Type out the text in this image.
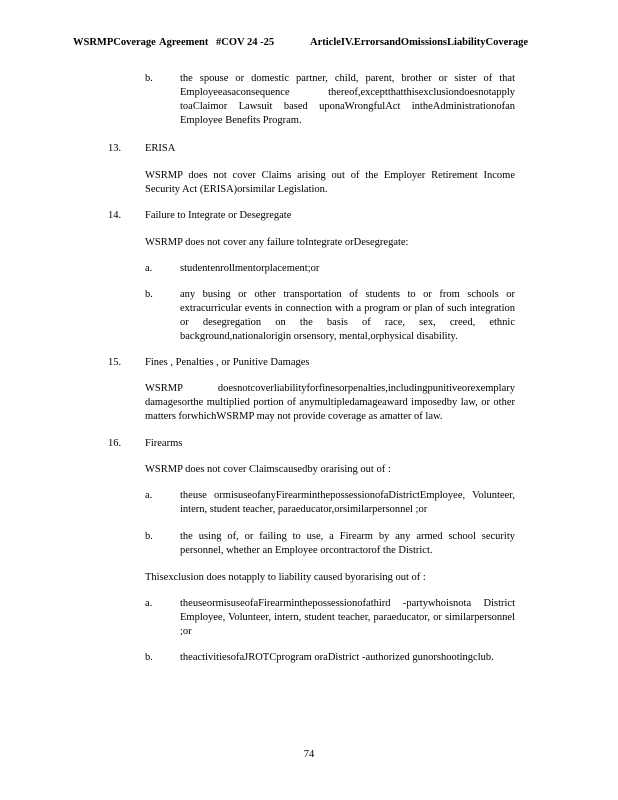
WSRMPCoverage Agreement #COV 24 -25	ArticleIV.ErrorsandOmissionsLiabilityCoverage
b.	the spouse or domestic partner, child, parent, brother or sister of that Employeeasaconsequence thereof,exceptthatthisexclusiondoesnotapply toaClaimor Lawsuit based uponaWrongfulAct intheAdministrationofan Employee Benefits Program.
13. ERISA
WSRMP does not cover Claims arising out of the Employer Retirement Income Security Act (ERISA)orsimilar Legislation.
14. Failure to Integrate or Desegregate
WSRMP does not cover any failure toIntegrate orDesegregate:
a.	studentenrollmentorplacement;or
b.	any busing or other transportation of students to or from schools or extracurricular events in connection with a program or plan of such integration or desegregation on the basis of race, sex, creed, ethnic background,nationalorigin orsensory, mental,orphysical disability.
15. Fines , Penalties , or Punitive Damages
WSRMP doesnotcoverliabilityforfinesorpenalties,includingpunitiveorexemplary damagesorthe multiplied portion of anymultipledamageaward imposedby law, or other matters forwhichWSRMP may not provide coverage as amatter of law.
16. Firearms
WSRMP does not cover Claimscausedby orarising out of :
a.	theuse ormisuseofanyFirearminthepossessionofaDistrictEmployee, Volunteer, intern, student teacher, paraeducator,orsimilarpersonnel ;or
b.	the using of, or failing to use, a Firearm by any armed school security personnel, whether an Employee orcontractorof the District.
Thisexclusion does notapply to liability caused byorarising out of :
a.	theuseormisuseofaFirearminthepossessionofathird -partywhoisnota District Employee, Volunteer, intern, student teacher, paraeducator, or similarpersonnel ;or
b.	theactivitiesofaJROTCprogram oraDistrict -authorized gunorshootingclub.
74
